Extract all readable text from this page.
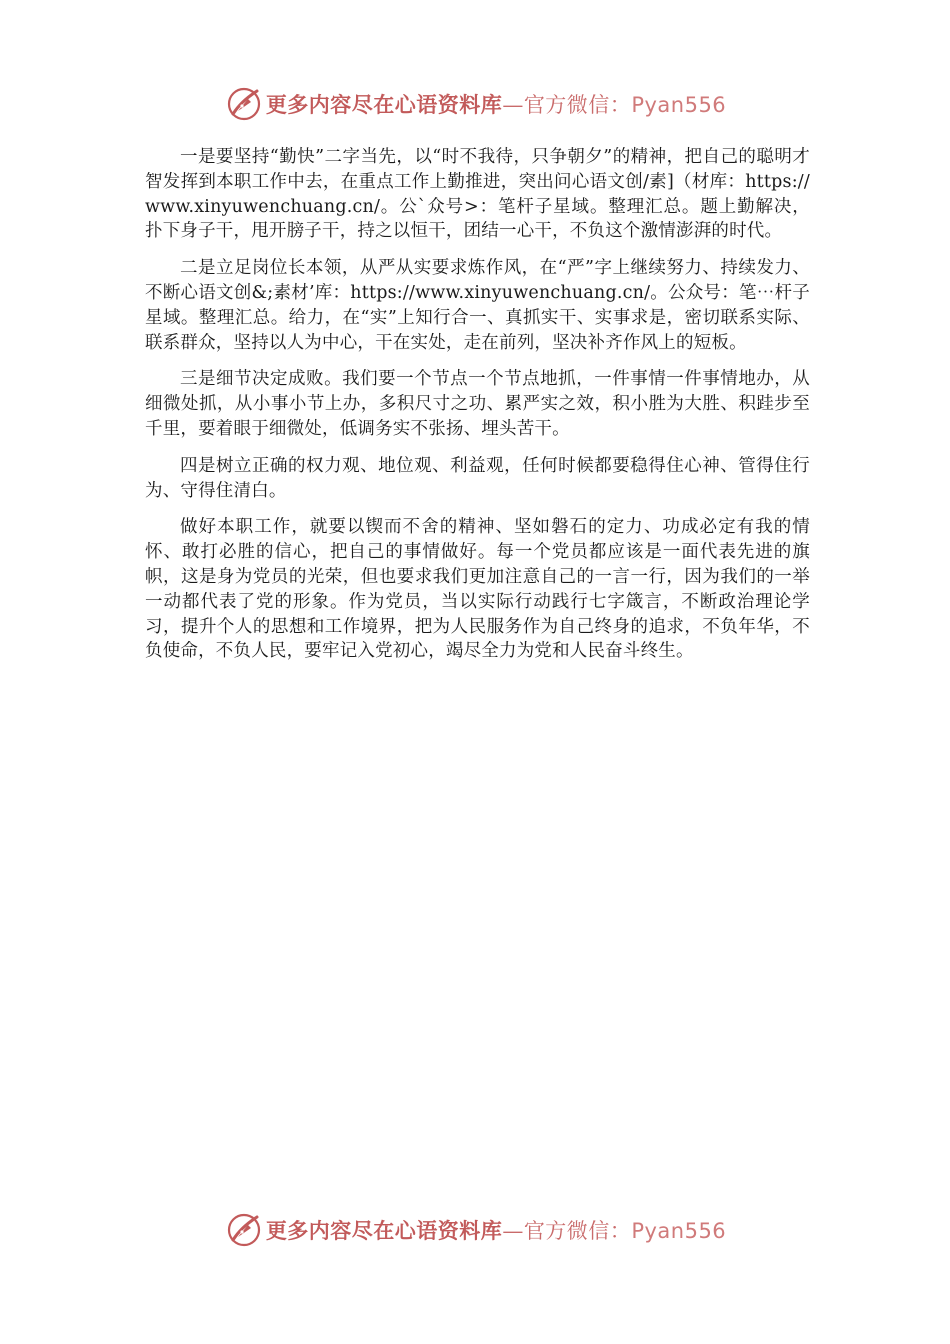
更多内容尽在心语资料库—官方微信：Pyan556

一是要坚持“勤快”二字当先，以“时不我待，只争朝夕”的精神，把自己的聪明才智发挥到本职工作中去，在重点工作上勤推进，突出问心语文创/素]（材库：https://www.xinyuwenchuang.cn/。公`众号>：笔杆子星域。整理汇总。题上勤解决，扑下身子干，甩开膀子干，持之以恒干，团结一心干，不负这个激情澎湃的时代。

二是立足岗位长本领，从严从实要求炼作风，在“严”字上继续努力、持续发力、不断心语文创&;素材’库：https://www.xinyuwenchuang.cn/。公众号：笔⋯杆子星域。整理汇总。给力，在“实”上知行合一、真抓实干、实事求是，密切联系实际、联系群众，坚持以人为中心，干在实处，走在前列，坚决补齐作风上的短板。

三是细节决定成败。我们要一个节点一个节点地抓，一件事情一件事情地办，从细微处抓，从小事小节上办，多积尺寸之功、累严实之效，积小胜为大胜、积跬步至千里，要着眼于细微处，低调务实不张扬、埋头苦干。

四是树立正确的权力观、地位观、利益观，任何时候都要稳得住心神、管得住行为、守得住清白。

做好本职工作，就要以锲而不舍的精神、坚如磐石的定力、功成必定有我的情怀、敢打必胜的信心，把自己的事情做好。每一个党员都应该是一面代表先进的旗帜，这是身为党员的光荣，但也要求我们更加注意自己的一言一行，因为我们的一举一动都代表了党的形象。作为党员，当以实际行动践行七字箴言，不断政治理论学习，提升个人的思想和工作境界，把为人民服务作为自己终身的追求，不负年华，不负使命，不负人民，要牢记入党初心，竭尽全力为党和人民奋斗终生。

更多内容尽在心语资料库—官方微信：Pyan556
